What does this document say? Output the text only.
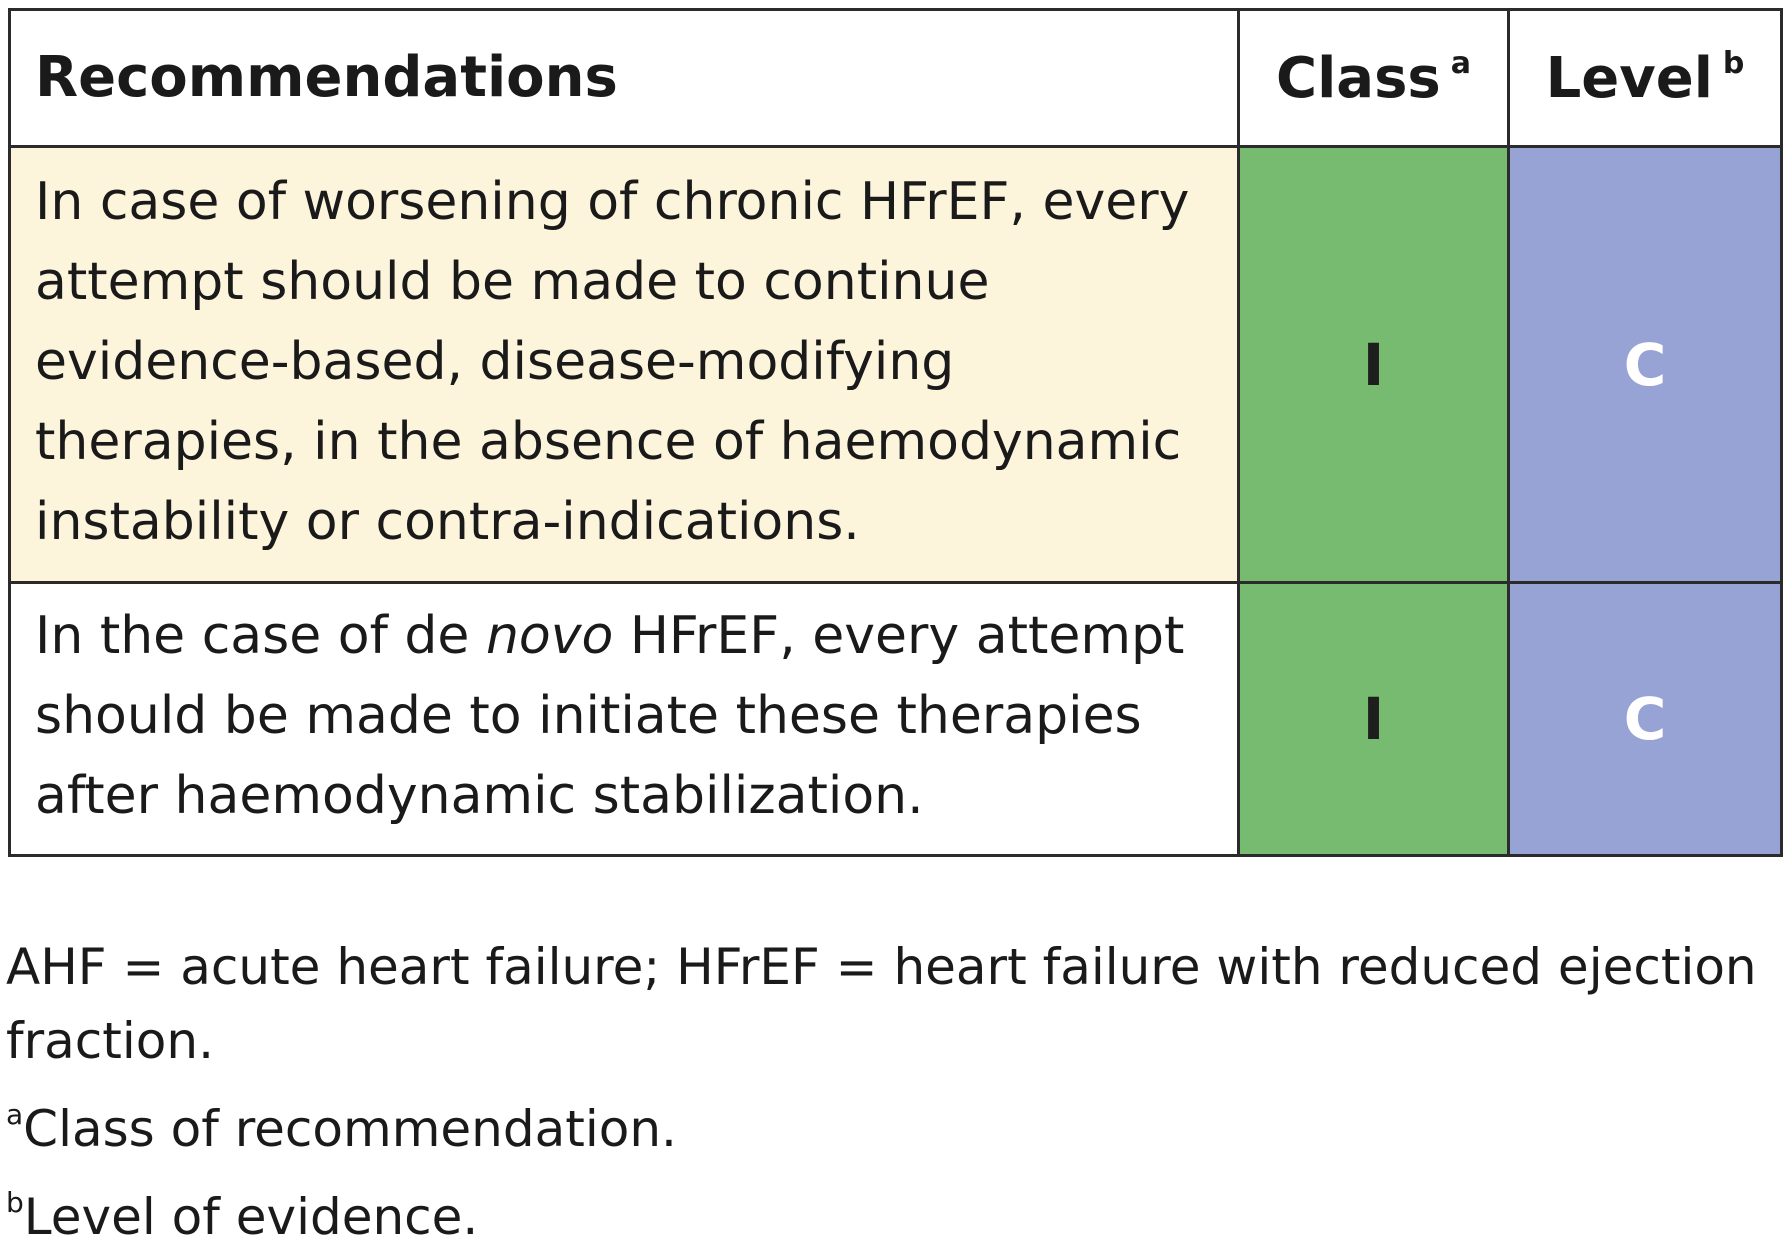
Recommendations	Class $^a$	Level $^b$
In case of worsening of chronic HFrEF, every attempt should be made to continue evidence-based, disease-modifying therapies, in the absence of haemodynamic instability or contra-indications.	I	C
In the case of de novo HFrEF, every attempt should be made to initiate these therapies after haemodynamic stabilization.	I	C
AHF = acute heart failure; HFrEF = heart failure with reduced ejection
fraction.
$^a$Class of recommendation.
$^b$Level of evidence.
